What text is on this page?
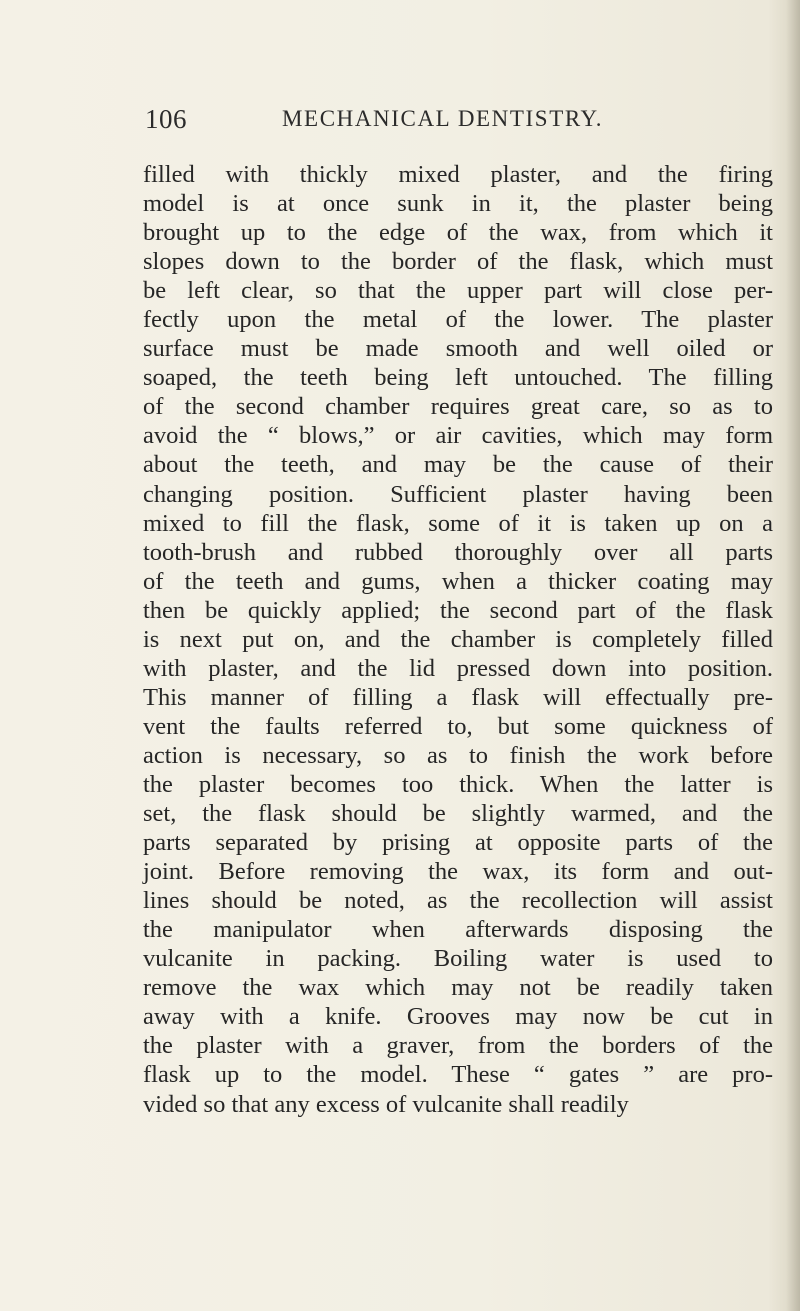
106	MECHANICAL DENTISTRY.
filled with thickly mixed plaster, and the firing
model is at once sunk in it, the plaster being
brought up to the edge of the wax, from which it
slopes down to the border of the flask, which must
be left clear, so that the upper part will close per-
fectly upon the metal of the lower. The plaster
surface must be made smooth and well oiled or
soaped, the teeth being left untouched. The filling
of the second chamber requires great care, so as to
avoid the “ blows,” or air cavities, which may form
about the teeth, and may be the cause of their
changing position. Sufficient plaster having been
mixed to fill the flask, some of it is taken up on a
tooth-brush and rubbed thoroughly over all parts
of the teeth and gums, when a thicker coating may
then be quickly applied; the second part of the flask
is next put on, and the chamber is completely filled
with plaster, and the lid pressed down into position.
This manner of filling a flask will effectually pre-
vent the faults referred to, but some quickness of
action is necessary, so as to finish the work before
the plaster becomes too thick. When the latter is
set, the flask should be slightly warmed, and the
parts separated by prising at opposite parts of the
joint. Before removing the wax, its form and out-
lines should be noted, as the recollection will assist
the manipulator when afterwards disposing the
vulcanite in packing. Boiling water is used to
remove the wax which may not be readily taken
away with a knife. Grooves may now be cut in
the plaster with a graver, from the borders of the
flask up to the model. These “ gates ” are pro-
vided so that any excess of vulcanite shall readily
